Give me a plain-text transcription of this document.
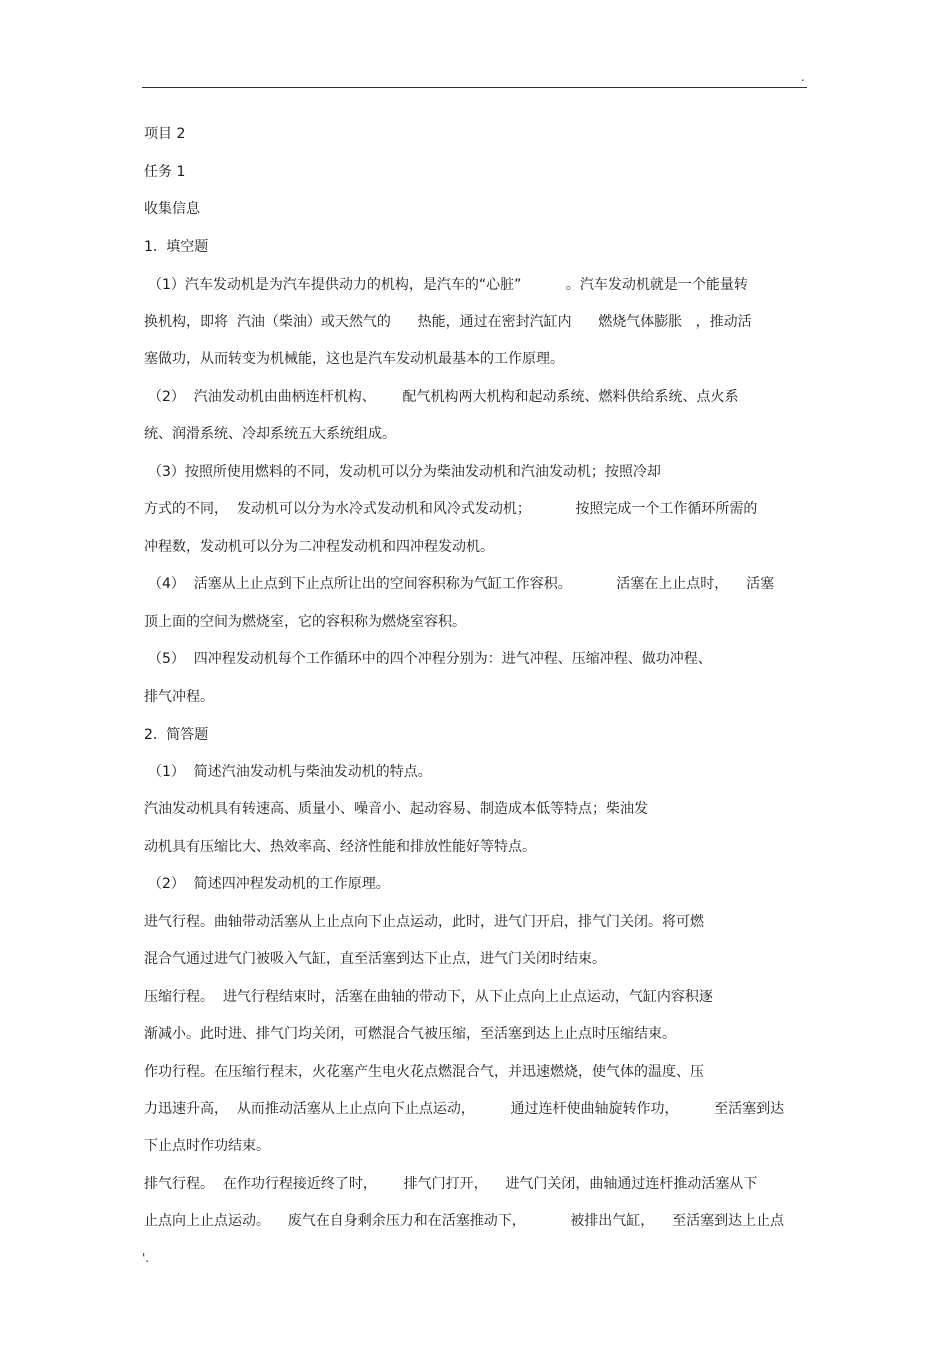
.
项目 2
任务 1
收集信息
1.  填空题
（1）汽车发动机是为汽车提供动力的机构，是汽车的“心脏”          。汽车发动机就是一个能量转
换机构，即将  汽油（柴油）或天然气的      热能，通过在密封汽缸内      燃烧气体膨胀   ，推动活
塞做功，从而转变为机械能，这也是汽车发动机最基本的工作原理。
（2）  汽油发动机由曲柄连杆机构、      配气机构两大机构和起动系统、燃料供给系统、点火系
统、润滑系统、冷却系统五大系统组成。
（3）按照所使用燃料的不同，发动机可以分为柴油发动机和汽油发动机；按照冷却
方式的不同，  发动机可以分为水冷式发动机和风冷式发动机；          按照完成一个工作循环所需的
冲程数，发动机可以分为二冲程发动机和四冲程发动机。
（4）  活塞从上止点到下止点所让出的空间容积称为气缸工作容积。          活塞在上止点时，    活塞
顶上面的空间为燃烧室，它的容积称为燃烧室容积。
（5）  四冲程发动机每个工作循环中的四个冲程分别为：进气冲程、压缩冲程、做功冲程、
排气冲程。
2.  简答题
（1）  简述汽油发动机与柴油发动机的特点。
汽油发动机具有转速高、质量小、噪音小、起动容易、制造成本低等特点；柴油发
动机具有压缩比大、热效率高、经济性能和排放性能好等特点。
（2）  简述四冲程发动机的工作原理。
进气行程。曲轴带动活塞从上止点向下止点运动，此时，进气门开启，排气门关闭。将可燃
混合气通过进气门被吸入气缸，直至活塞到达下止点，进气门关闭时结束。
压缩行程。  进气行程结束时，活塞在曲轴的带动下，从下止点向上止点运动，气缸内容积逐
渐减小。此时进、排气门均关闭，可燃混合气被压缩，至活塞到达上止点时压缩结束。
作功行程。在压缩行程末，火花塞产生电火花点燃混合气，并迅速燃烧，使气体的温度、压
力迅速升高，  从而推动活塞从上止点向下止点运动，        通过连杆使曲轴旋转作功，        至活塞到达
下止点时作功结束。
排气行程。  在作功行程接近终了时，      排气门打开，    进气门关闭，曲轴通过连杆推动活塞从下
止点向上止点运动。    废气在自身剩余压力和在活塞推动下，          被排出气缸，    至活塞到达上止点
'.
